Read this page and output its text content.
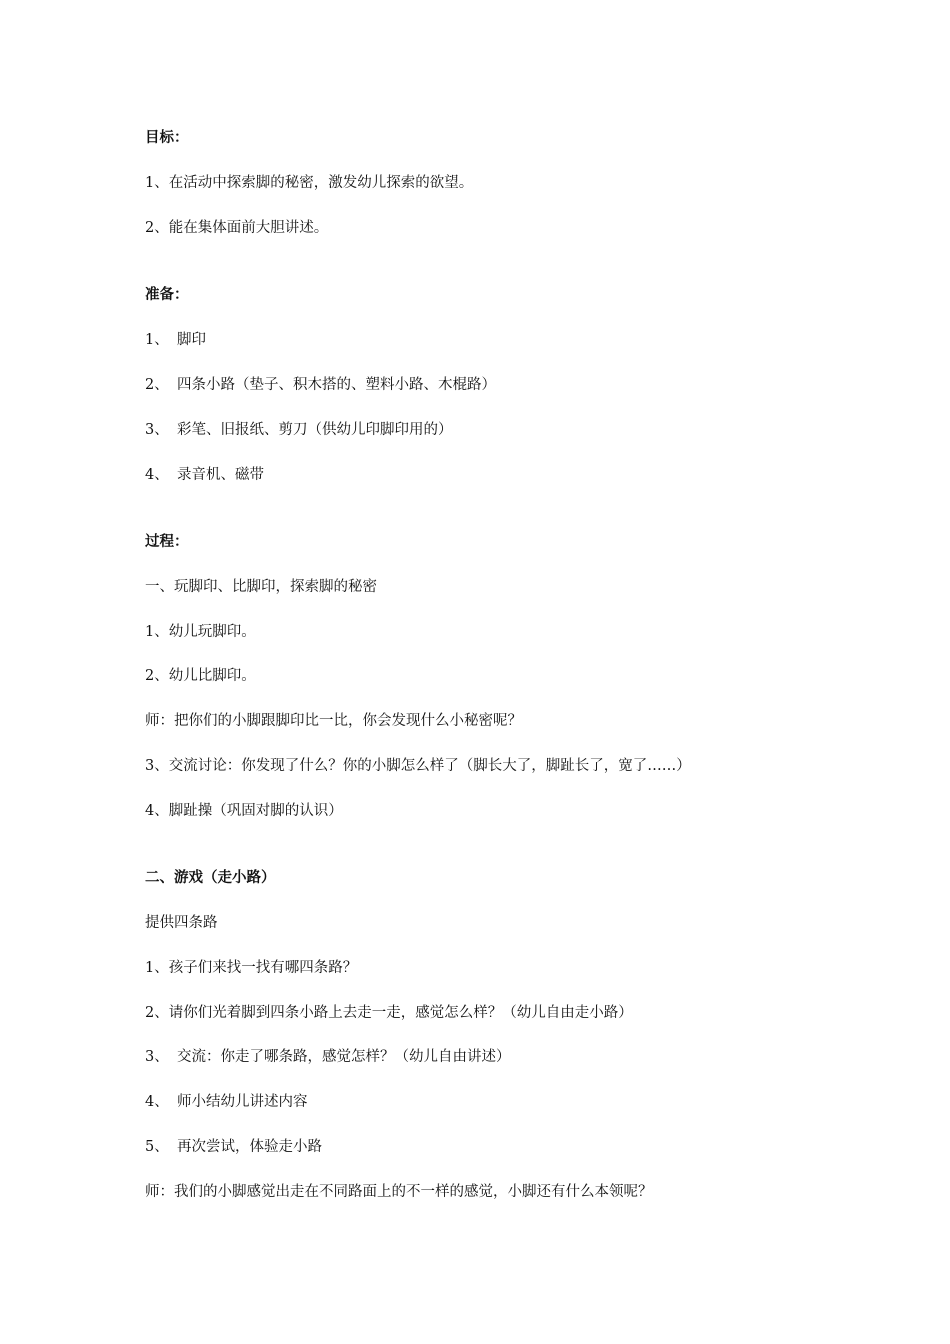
目标：
1、在活动中探索脚的秘密，激发幼儿探索的欲望。
2、能在集体面前大胆讲述。
准备：
1、 脚印
2、 四条小路（垫子、积木搭的、塑料小路、木棍路）
3、 彩笔、旧报纸、剪刀（供幼儿印脚印用的）
4、 录音机、磁带
过程：
一、玩脚印、比脚印，探索脚的秘密
1、幼儿玩脚印。
2、幼儿比脚印。
师：把你们的小脚跟脚印比一比，你会发现什么小秘密呢？
3、交流讨论：你发现了什么？你的小脚怎么样了（脚长大了，脚趾长了，宽了……）
4、脚趾操（巩固对脚的认识）
二、游戏（走小路）
提供四条路
1、孩子们来找一找有哪四条路？
2、请你们光着脚到四条小路上去走一走，感觉怎么样？（幼儿自由走小路）
3、 交流：你走了哪条路，感觉怎样？（幼儿自由讲述）
4、 师小结幼儿讲述内容
5、 再次尝试，体验走小路
师：我们的小脚感觉出走在不同路面上的不一样的感觉，小脚还有什么本领呢？
